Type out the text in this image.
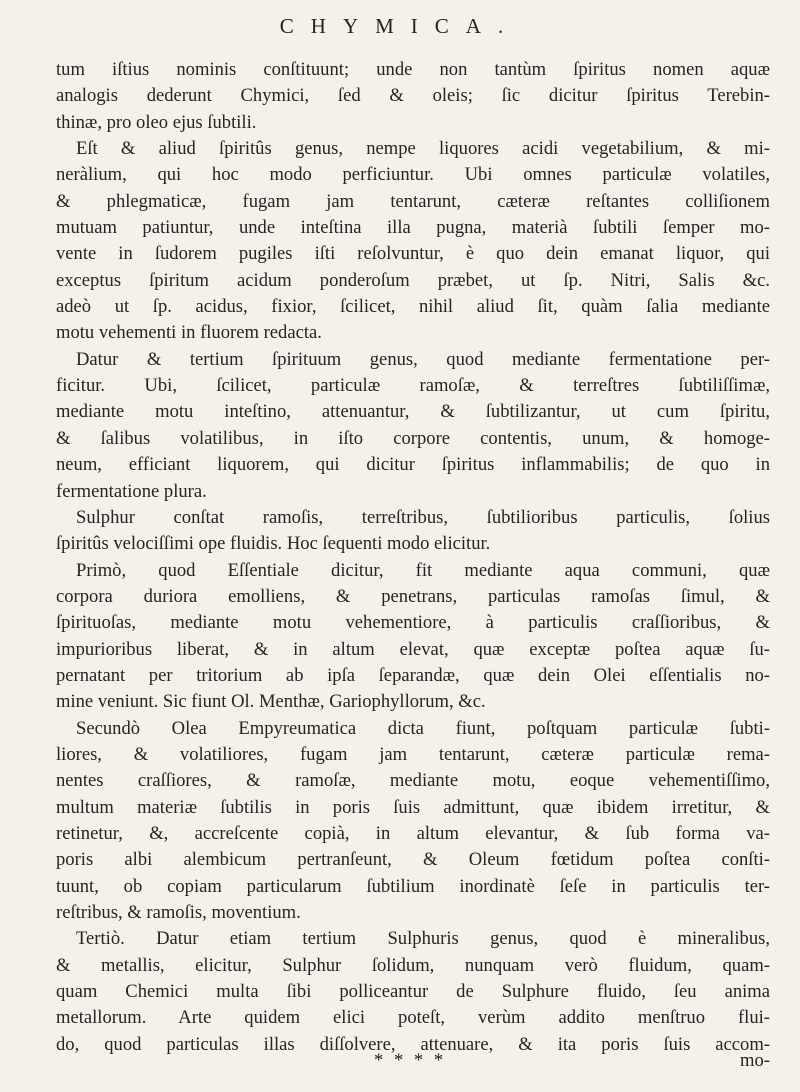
CHYMICA.
tum iſtius nominis conſtituunt; unde non tantùm ſpiritus nomen aquæ
analogis dederunt Chymici, ſed & oleis; ſic dicitur ſpiritus Terebin-
thinæ, pro oleo ejus ſubtili.
Eſt & aliud ſpiritûs genus, nempe liquores acidi vegetabilium, & mi-
neràlium, qui hoc modo perficiuntur. Ubi omnes particulæ volatiles,
& phlegmaticæ, fugam jam tentarunt, cæteræ reſtantes colliſionem
mutuam patiuntur, unde inteſtina illa pugna, materià ſubtili ſemper mo-
vente in ſudorem pugiles iſti reſolvuntur, è quo dein emanat liquor, qui
exceptus ſpiritum acidum ponderoſum præbet, ut ſp. Nitri, Salis &c.
adeò ut ſp. acidus, fixior, ſcilicet, nihil aliud ſit, quàm ſalia mediante
motu vehementi in fluorem redacta.
Datur & tertium ſpirituum genus, quod mediante fermentatione per-
ficitur. Ubi, ſcilicet, particulæ ramoſæ, & terreſtres ſubtiliſſimæ,
mediante motu inteſtino, attenuantur, & ſubtilizantur, ut cum ſpiritu,
& ſalibus volatilibus, in iſto corpore contentis, unum, & homoge-
neum, efficiant liquorem, qui dicitur ſpiritus inflammabilis; de quo in
fermentatione plura.
Sulphur conſtat ramoſis, terreſtribus, ſubtilioribus particulis, ſolius
ſpiritûs velociſſimi ope fluidis. Hoc ſequenti modo elicitur.
Primò, quod Eſſentiale dicitur, fit mediante aqua communi, quæ
corpora duriora emolliens, & penetrans, particulas ramoſas ſimul, &
ſpirituoſas, mediante motu vehementiore, à particulis craſſioribus, &
impurioribus liberat, & in altum elevat, quæ exceptæ poſtea aquæ ſu-
pernatant per tritorium ab ipſa ſeparandæ, quæ dein Olei eſſentialis no-
mine veniunt. Sic fiunt Ol. Menthæ, Gariophyllorum, &c.
Secundò Olea Empyreumatica dicta fiunt, poſtquam particulæ ſubti-
liores, & volatiliores, fugam jam tentarunt, cæteræ particulæ rema-
nentes craſſiores, & ramoſæ, mediante motu, eoque vehementiſſimo,
multum materiæ ſubtilis in poris ſuis admittunt, quæ ibidem irretitur, &
retinetur, &, accreſcente copià, in altum elevantur, & ſub forma va-
poris albi alembicum pertranſeunt, & Oleum fœtidum poſtea conſti-
tuunt, ob copiam particularum ſubtilium inordinatè ſeſe in particulis ter-
reſtribus, & ramoſis, moventium.
Tertiò. Datur etiam tertium Sulphuris genus, quod è mineralibus,
& metallis, elicitur, Sulphur ſolidum, nunquam verò fluidum, quam-
quam Chemici multa ſibi polliceantur de Sulphure fluido, ſeu anima
metallorum. Arte quidem elici poteſt, verùm addito menſtruo flui-
do, quod particulas illas diſſolvere, attenuare, & ita poris ſuis accom-
* * * *	mo-
